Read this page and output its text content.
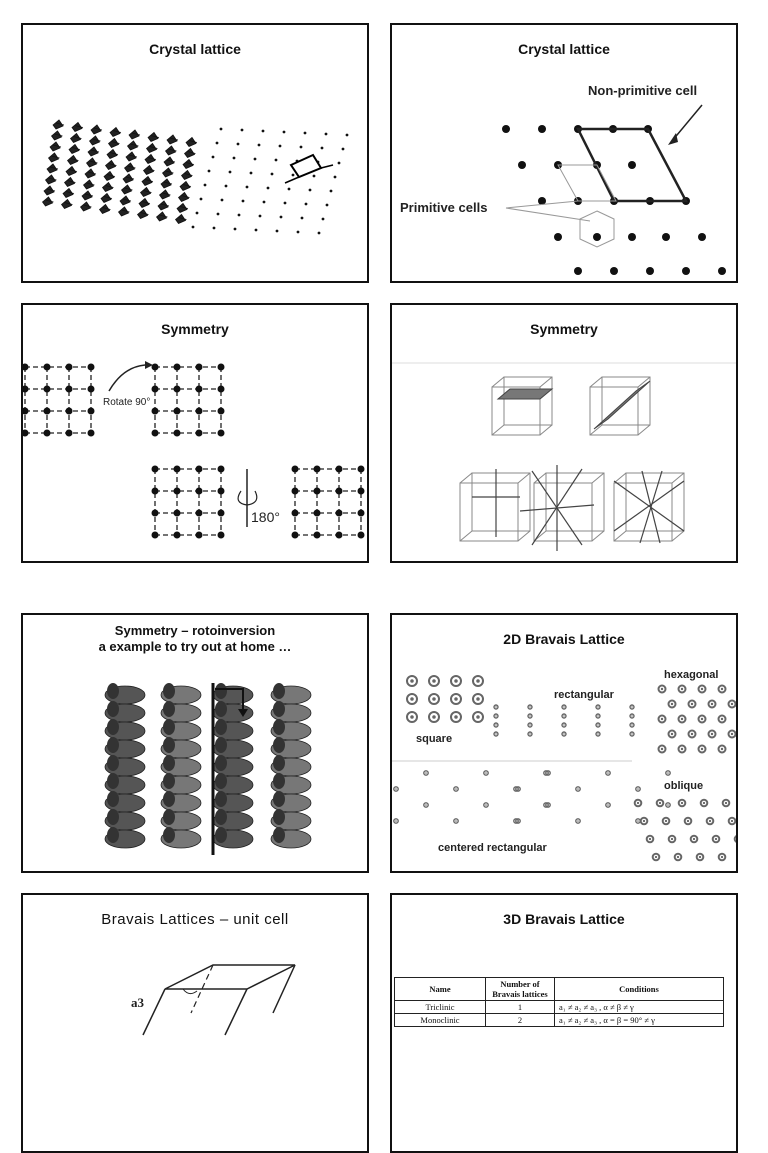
Crystal lattice	Crystal lattice
Non-primitive cell
Primitive cells
Symmetry
Rotate 90°
180°
Symmetry
Symmetry – rotoinversion
a example to try out at home …	2D Bravais Lattice
hexagonal
rectangular
square
oblique
centered rectangular
Bravais Lattices – unit cell
a3
3D Bravais Lattice
Name	Number of Bravais lattices	Conditions
Triclinic	1	a₁ ≠ a₂ ≠ a₃ , α ≠ β ≠ γ
Monoclinic	2	a₁ ≠ a₂ ≠ a₃ , α = β = 90° ≠ γ
